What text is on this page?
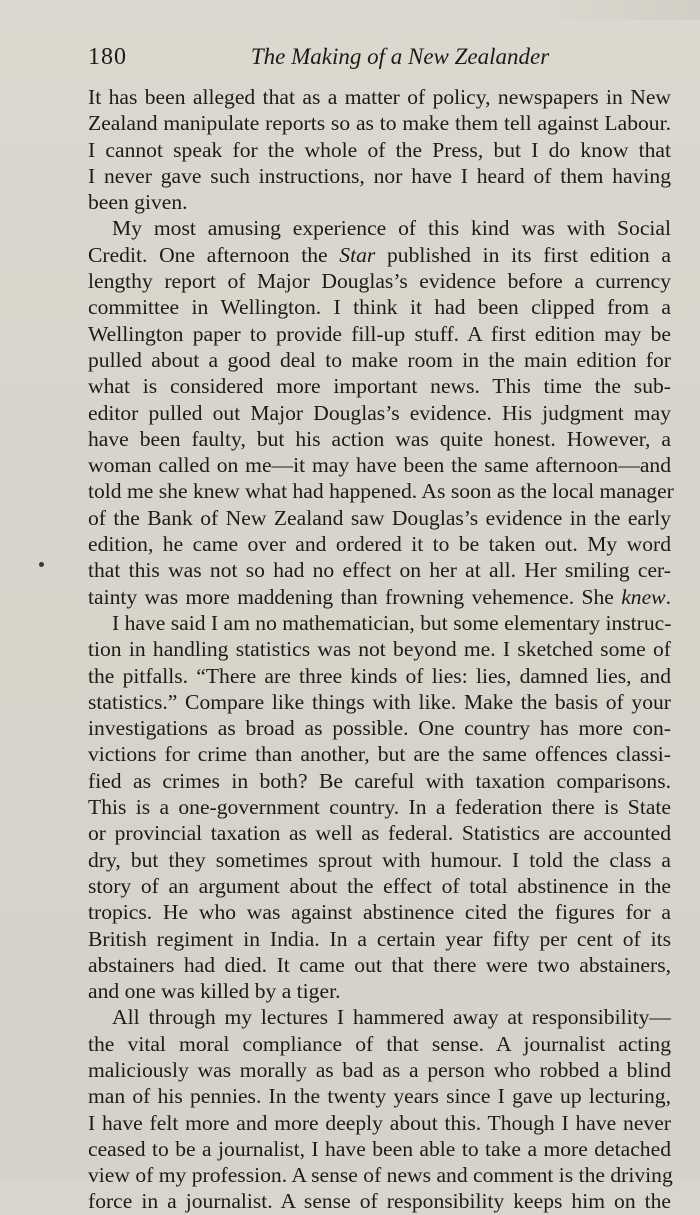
180	The Making of a New Zealander
It has been alleged that as a matter of policy, newspapers in New
Zealand manipulate reports so as to make them tell against Labour.
I cannot speak for the whole of the Press, but I do know that
I never gave such instructions, nor have I heard of them having
been given.
My most amusing experience of this kind was with Social
Credit. One afternoon the Star published in its first edition a
lengthy report of Major Douglas’s evidence before a currency
committee in Wellington. I think it had been clipped from a
Wellington paper to provide fill-up stuff. A first edition may be
pulled about a good deal to make room in the main edition for
what is considered more important news. This time the sub-
editor pulled out Major Douglas’s evidence. His judgment may
have been faulty, but his action was quite honest. However, a
woman called on me—it may have been the same afternoon—and
told me she knew what had happened. As soon as the local manager
of the Bank of New Zealand saw Douglas’s evidence in the early
edition, he came over and ordered it to be taken out. My word
that this was not so had no effect on her at all. Her smiling cer-
tainty was more maddening than frowning vehemence. She knew.
I have said I am no mathematician, but some elementary instruc-
tion in handling statistics was not beyond me. I sketched some of
the pitfalls. “There are three kinds of lies: lies, damned lies, and
statistics.” Compare like things with like. Make the basis of your
investigations as broad as possible. One country has more con-
victions for crime than another, but are the same offences classi-
fied as crimes in both? Be careful with taxation comparisons.
This is a one-government country. In a federation there is State
or provincial taxation as well as federal. Statistics are accounted
dry, but they sometimes sprout with humour. I told the class a
story of an argument about the effect of total abstinence in the
tropics. He who was against abstinence cited the figures for a
British regiment in India. In a certain year fifty per cent of its
abstainers had died. It came out that there were two abstainers,
and one was killed by a tiger.
All through my lectures I hammered away at responsibility—
the vital moral compliance of that sense. A journalist acting
maliciously was morally as bad as a person who robbed a blind
man of his pennies. In the twenty years since I gave up lecturing,
I have felt more and more deeply about this. Though I have never
ceased to be a journalist, I have been able to take a more detached
view of my profession. A sense of news and comment is the driving
force in a journalist. A sense of responsibility keeps him on the
